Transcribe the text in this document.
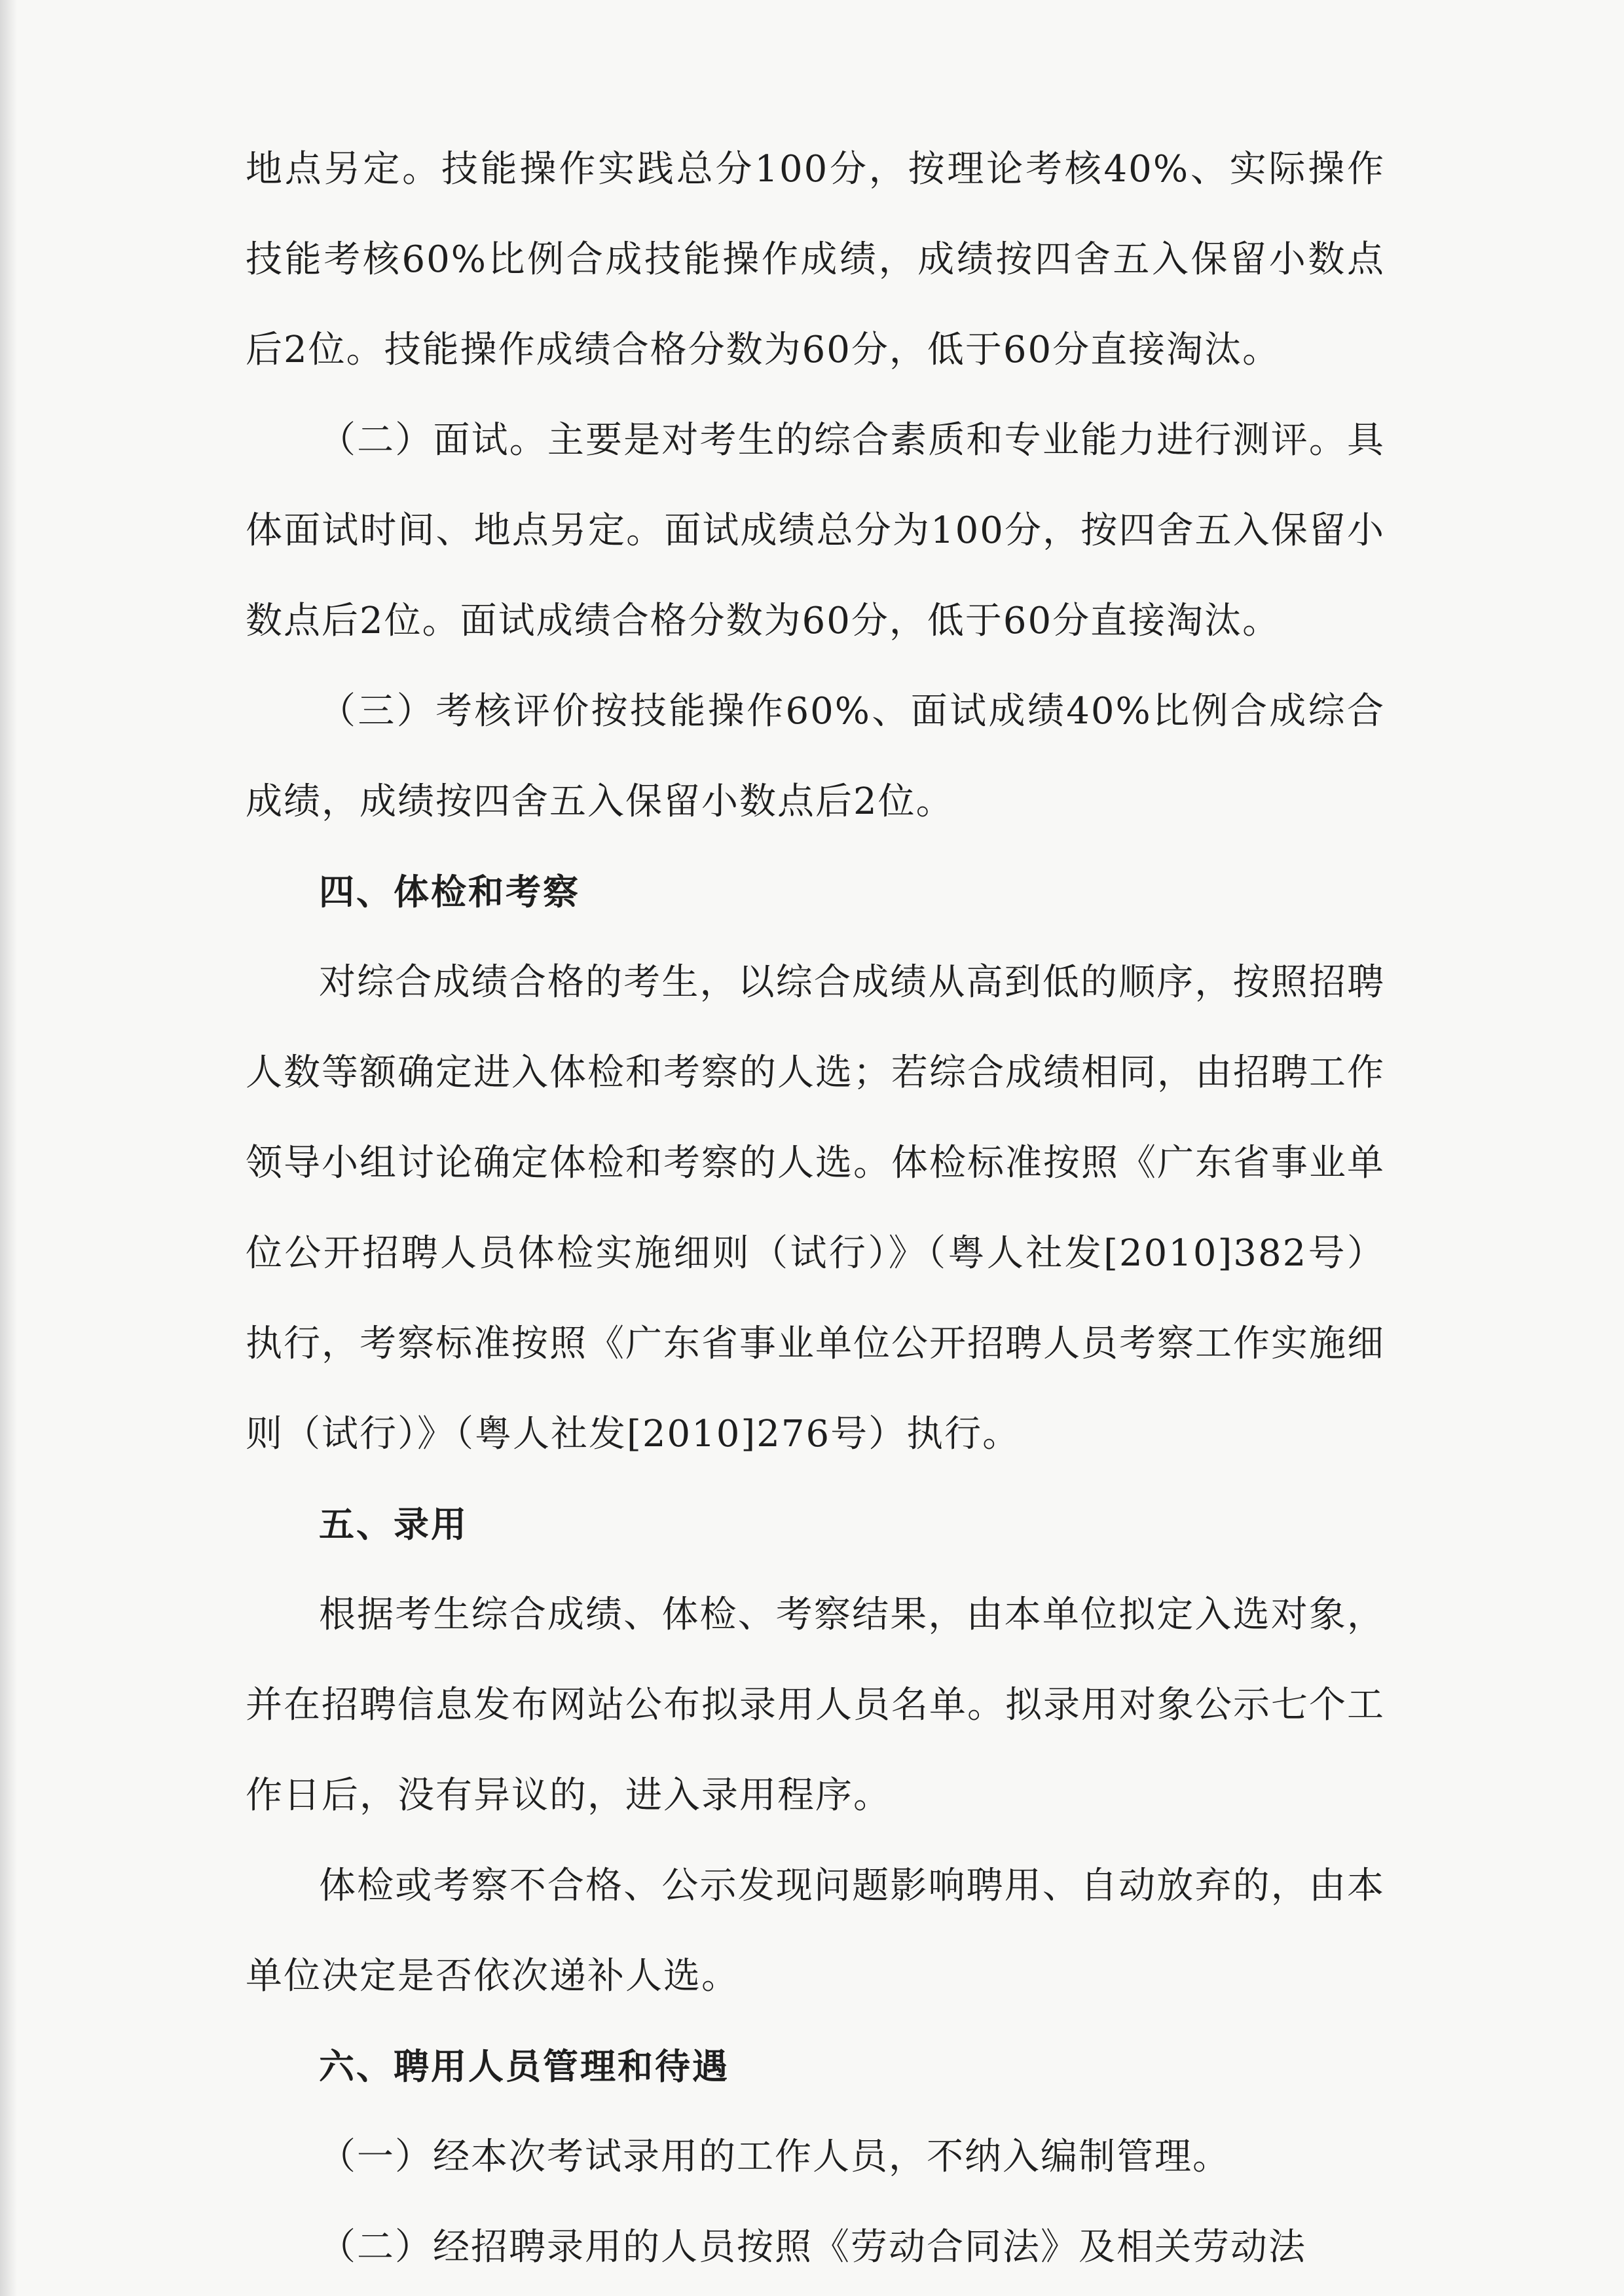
地点另定。技能操作实践总分100分，按理论考核40%、实际操作技能考核60%比例合成技能操作成绩，成绩按四舍五入保留小数点后2位。技能操作成绩合格分数为60分，低于60分直接淘汰。

（二）面试。主要是对考生的综合素质和专业能力进行测评。具体面试时间、地点另定。面试成绩总分为100分，按四舍五入保留小数点后2位。面试成绩合格分数为60分，低于60分直接淘汰。

（三）考核评价按技能操作60%、面试成绩40%比例合成综合成绩，成绩按四舍五入保留小数点后2位。

四、体检和考察

对综合成绩合格的考生，以综合成绩从高到低的顺序，按照招聘人数等额确定进入体检和考察的人选；若综合成绩相同，由招聘工作领导小组讨论确定体检和考察的人选。体检标准按照《广东省事业单位公开招聘人员体检实施细则（试行）》（粤人社发[2010]382号）执行，考察标准按照《广东省事业单位公开招聘人员考察工作实施细则（试行）》（粤人社发[2010]276号）执行。

五、录用

根据考生综合成绩、体检、考察结果，由本单位拟定入选对象，并在招聘信息发布网站公布拟录用人员名单。拟录用对象公示七个工作日后，没有异议的，进入录用程序。

体检或考察不合格、公示发现问题影响聘用、自动放弃的，由本单位决定是否依次递补人选。

六、聘用人员管理和待遇

（一）经本次考试录用的工作人员，不纳入编制管理。

（二）经招聘录用的人员按照《劳动合同法》及相关劳动法
